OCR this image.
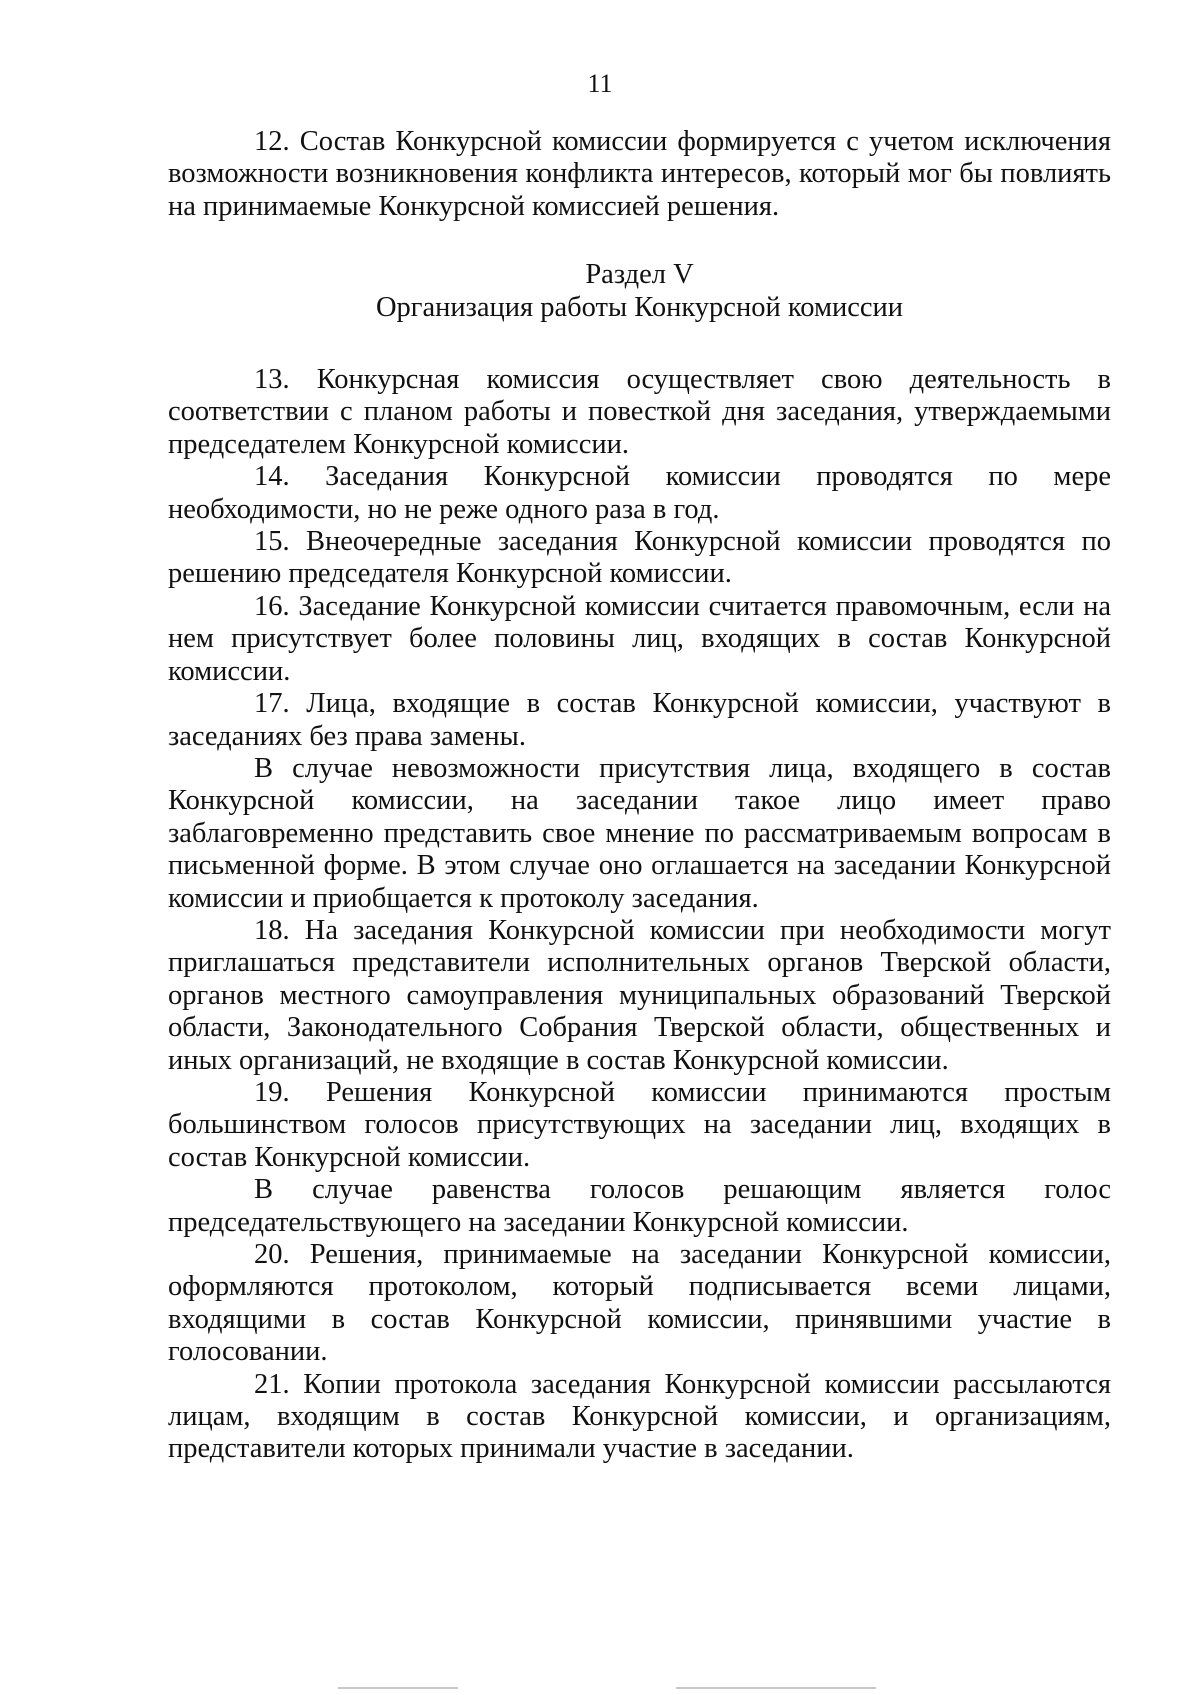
11

12. Состав Конкурсной комиссии формируется с учетом исключения возможности возникновения конфликта интересов, который мог бы повлиять на принимаемые Конкурсной комиссией решения.

Раздел V
Организация работы Конкурсной комиссии

13. Конкурсная комиссия осуществляет свою деятельность в соответствии с планом работы и повесткой дня заседания, утверждаемыми председателем Конкурсной комиссии.

14. Заседания Конкурсной комиссии проводятся по мере необходимости, но не реже одного раза в год.

15. Внеочередные заседания Конкурсной комиссии проводятся по решению председателя Конкурсной комиссии.

16. Заседание Конкурсной комиссии считается правомочным, если на нем присутствует более половины лиц, входящих в состав Конкурсной комиссии.

17. Лица, входящие в состав Конкурсной комиссии, участвуют в заседаниях без права замены.

В случае невозможности присутствия лица, входящего в состав Конкурсной комиссии, на заседании такое лицо имеет право заблаговременно представить свое мнение по рассматриваемым вопросам в письменной форме. В этом случае оно оглашается на заседании Конкурсной комиссии и приобщается к протоколу заседания.

18. На заседания Конкурсной комиссии при необходимости могут приглашаться представители исполнительных органов Тверской области, органов местного самоуправления муниципальных образований Тверской области, Законодательного Собрания Тверской области, общественных и иных организаций, не входящие в состав Конкурсной комиссии.

19. Решения Конкурсной комиссии принимаются простым большинством голосов присутствующих на заседании лиц, входящих в состав Конкурсной комиссии.

В случае равенства голосов решающим является голос председательствующего на заседании Конкурсной комиссии.

20. Решения, принимаемые на заседании Конкурсной комиссии, оформляются протоколом, который подписывается всеми лицами, входящими в состав Конкурсной комиссии, принявшими участие в голосовании.

21. Копии протокола заседания Конкурсной комиссии рассылаются лицам, входящим в состав Конкурсной комиссии, и организациям, представители которых принимали участие в заседании.
